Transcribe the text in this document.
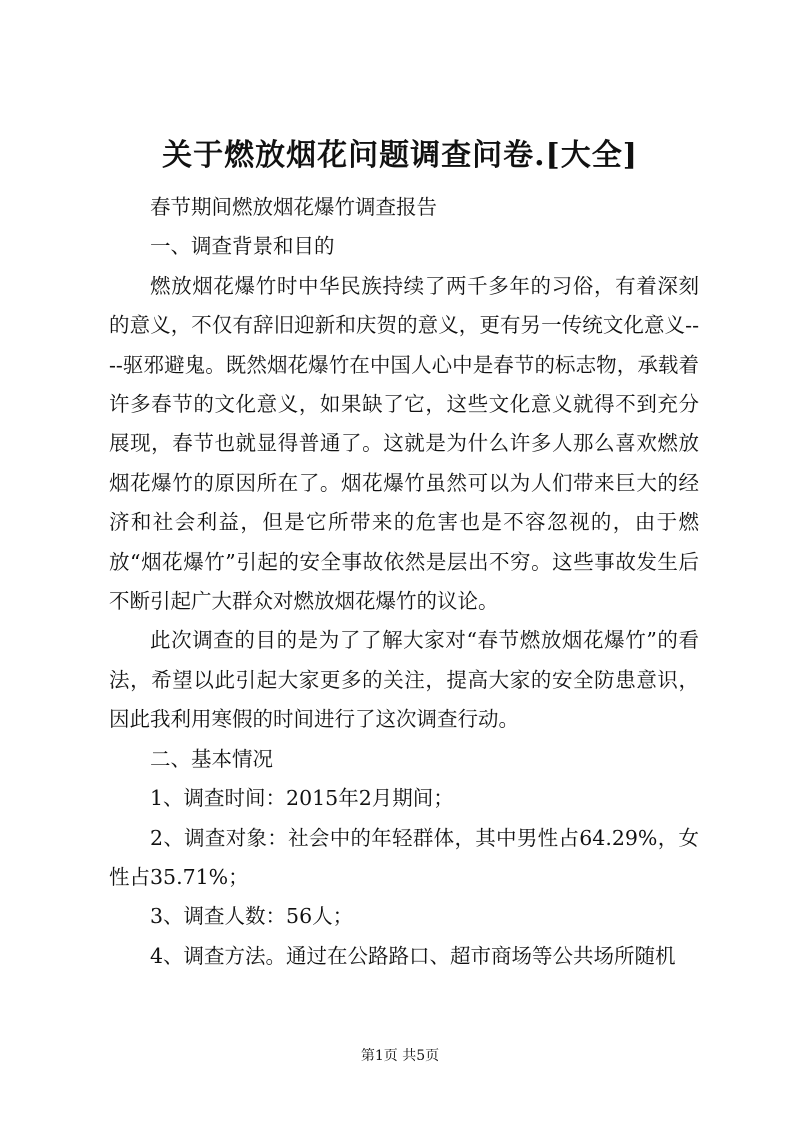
关于燃放烟花问题调查问卷.[大全]

春节期间燃放烟花爆竹调查报告

一、调查背景和目的

燃放烟花爆竹时中华民族持续了两千多年的习俗，有着深刻的意义，不仅有辞旧迎新和庆贺的意义，更有另一传统文化意义----驱邪避鬼。既然烟花爆竹在中国人心中是春节的标志物，承载着许多春节的文化意义，如果缺了它，这些文化意义就得不到充分展现，春节也就显得普通了。这就是为什么许多人那么喜欢燃放烟花爆竹的原因所在了。烟花爆竹虽然可以为人们带来巨大的经济和社会利益，但是它所带来的危害也是不容忽视的，由于燃放“烟花爆竹”引起的安全事故依然是层出不穷。这些事故发生后不断引起广大群众对燃放烟花爆竹的议论。

此次调查的目的是为了了解大家对“春节燃放烟花爆竹”的看法，希望以此引起大家更多的关注，提高大家的安全防患意识，因此我利用寒假的时间进行了这次调查行动。

二、基本情况

1、调查时间：2015年2月期间；

2、调查对象：社会中的年轻群体，其中男性占64.29%，女性占35.71%；

3、调查人数：56人；

4、调查方法。通过在公路路口、超市商场等公共场所随机

第1页 共5页
